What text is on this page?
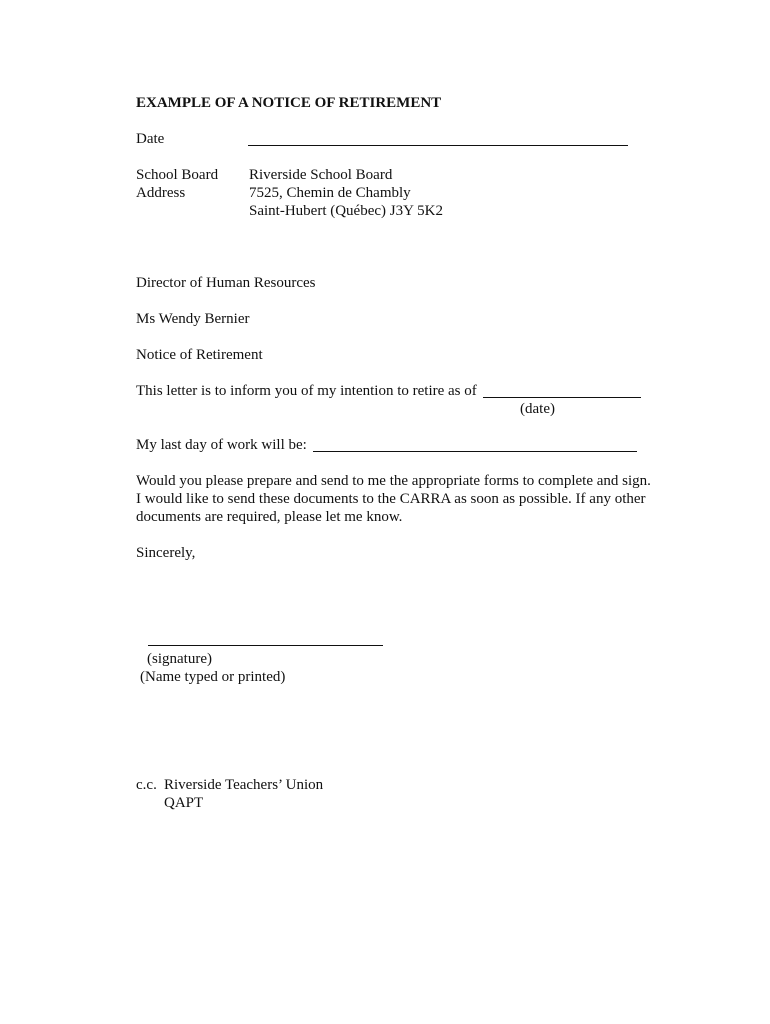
EXAMPLE OF A NOTICE OF RETIREMENT
Date
School Board
Address
Riverside School Board
7525, Chemin de Chambly
Saint-Hubert (Québec) J3Y 5K2
Director of Human Resources
Ms Wendy Bernier
Notice of Retirement
This letter is to inform you of my intention to retire as of
(date)
My last day of work will be:
Would you please prepare and send to me the appropriate forms to complete and sign.
I would like to send these documents to the CARRA as soon as possible. If any other
documents are required, please let me know.
Sincerely,
(signature)
(Name typed or printed)
c.c. Riverside Teachers’ Union
QAPT
